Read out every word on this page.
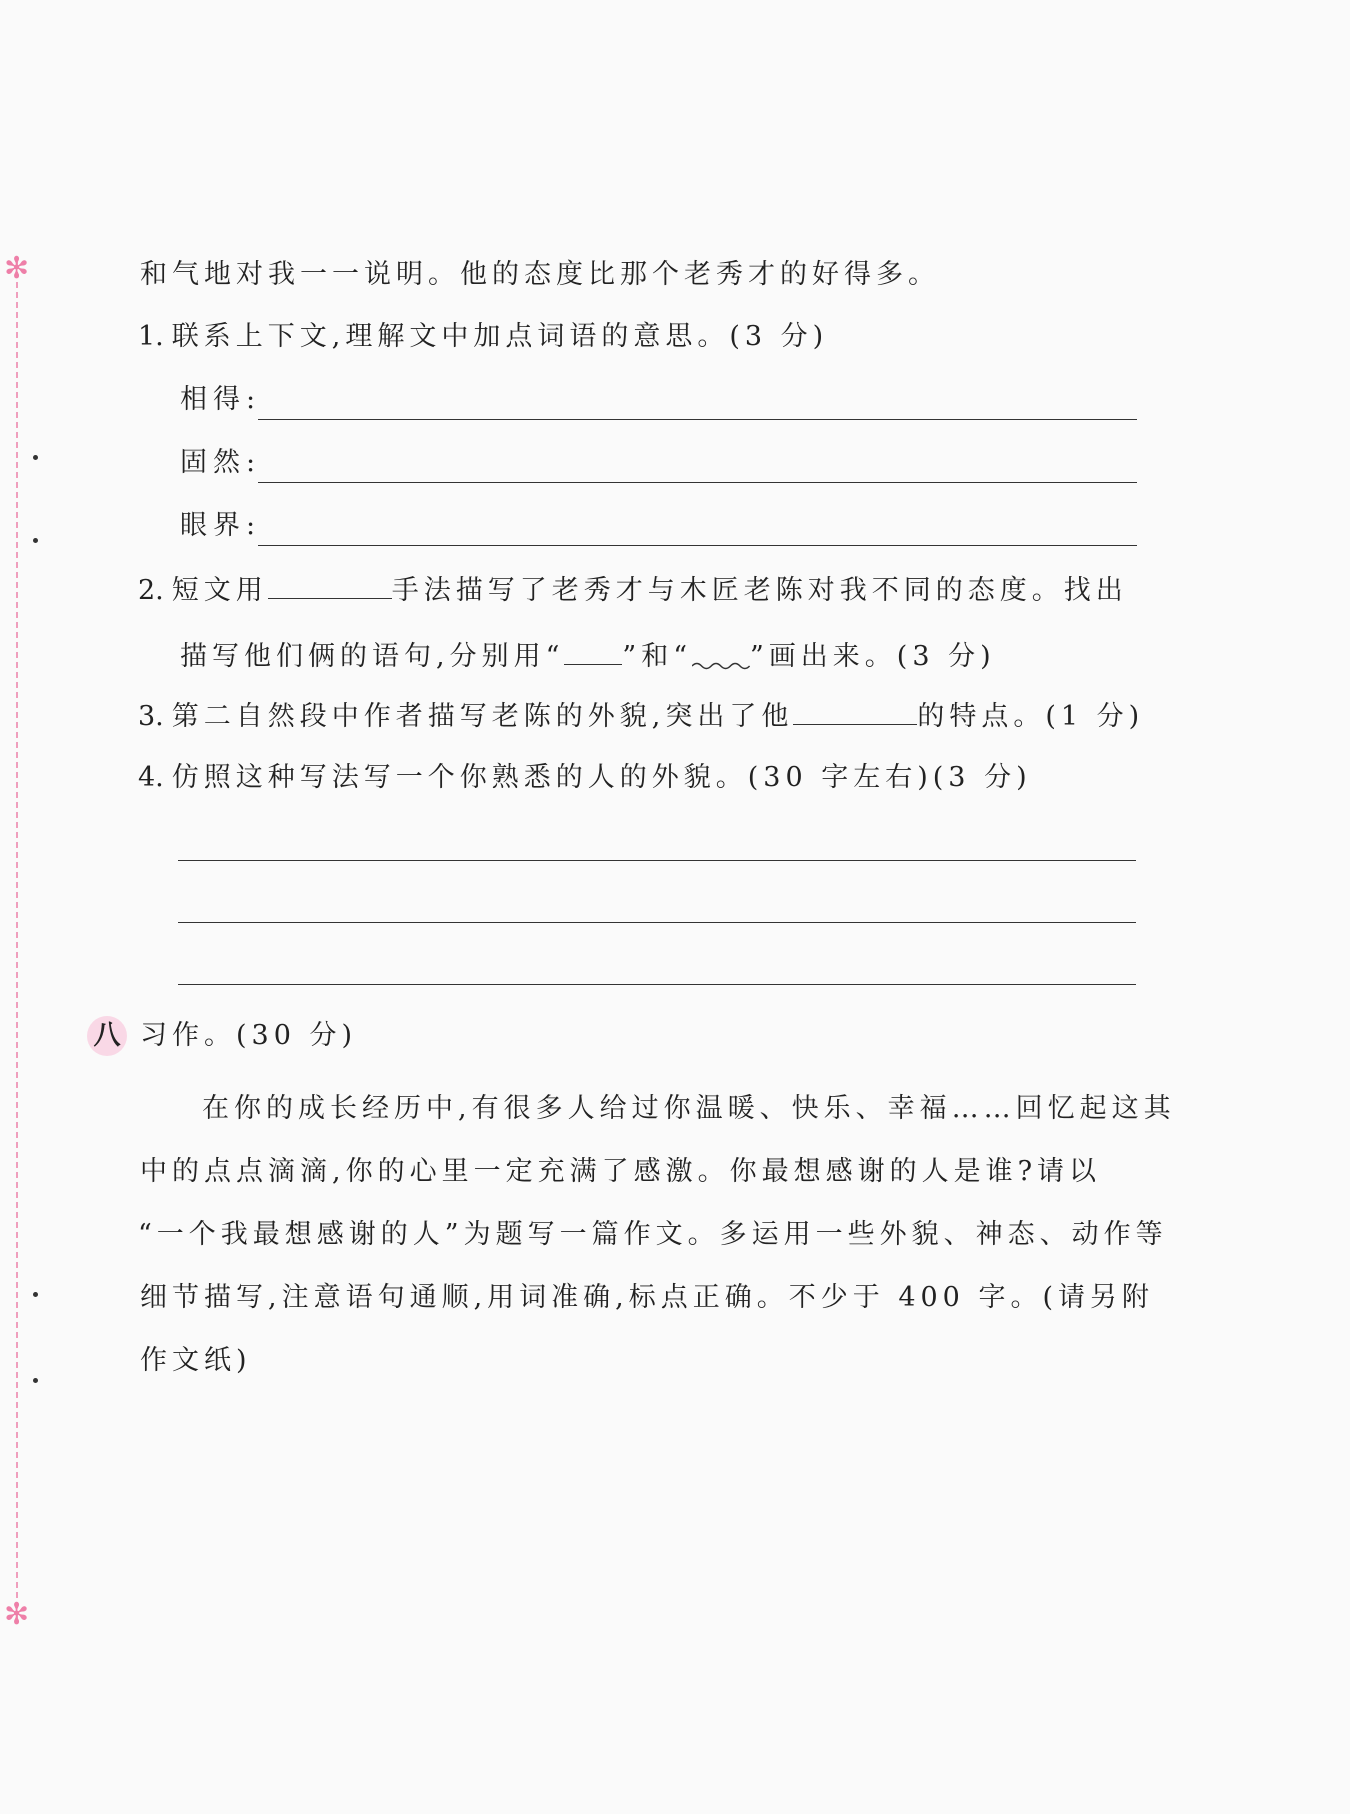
✻
✻
和气地对我一一说明。他的态度比那个老秀才的好得多。
1. 联系上下文,理解文中加点词语的意思。(3 分)
相得:
固然:
眼界:
2. 短文用	手法描写了老秀才与木匠老陈对我不同的态度。找出
描写他们俩的语句,分别用“ ”和“ ”画出来。(3 分)
3. 第二自然段中作者描写老陈的外貌,突出了他	的特点。(1 分)
4. 仿照这种写法写一个你熟悉的人的外貌。(30 字左右)(3 分)
八 习作。(30 分)
在你的成长经历中,有很多人给过你温暖、快乐、幸福……回忆起这其
中的点点滴滴,你的心里一定充满了感激。你最想感谢的人是谁?请以
“一个我最想感谢的人”为题写一篇作文。多运用一些外貌、神态、动作等
细节描写,注意语句通顺,用词准确,标点正确。不少于 400 字。(请另附
作文纸)
